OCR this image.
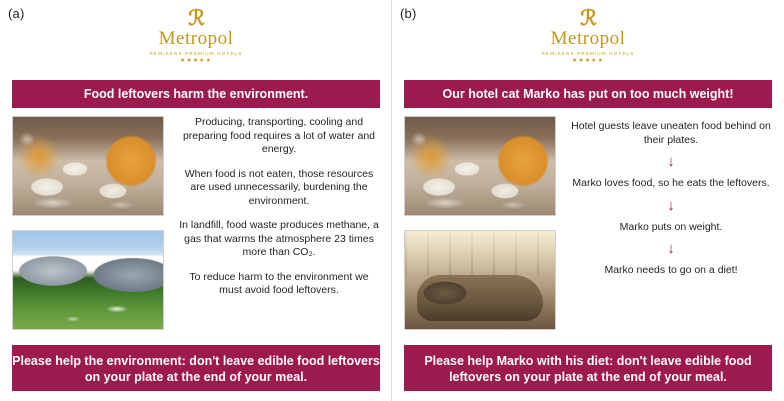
(a)	ℛ
Metropol
REMISENS PREMIUM HOTELS
★★★★★
Food leftovers harm the environment.
Producing, transporting, cooling and preparing food requires a lot of water and energy.
When food is not eaten, those resources are used unnecessarily, burdening the environment.
In landfill, food waste produces methane, a gas that warms the atmosphere 23 times more than CO₂.
To reduce harm to the environment we must avoid food leftovers.
Please help the environment: don't leave edible food leftovers on your plate at the end of your meal.
(b)	ℛ
Metropol
REMISENS PREMIUM HOTELS
★★★★★
Our hotel cat Marko has put on too much weight!
Hotel guests leave uneaten food behind on their plates.
↓
Marko loves food, so he eats the leftovers.
↓
Marko puts on weight.
↓
Marko needs to go on a diet!
Please help Marko with his diet: don't leave edible food leftovers on your plate at the end of your meal.
